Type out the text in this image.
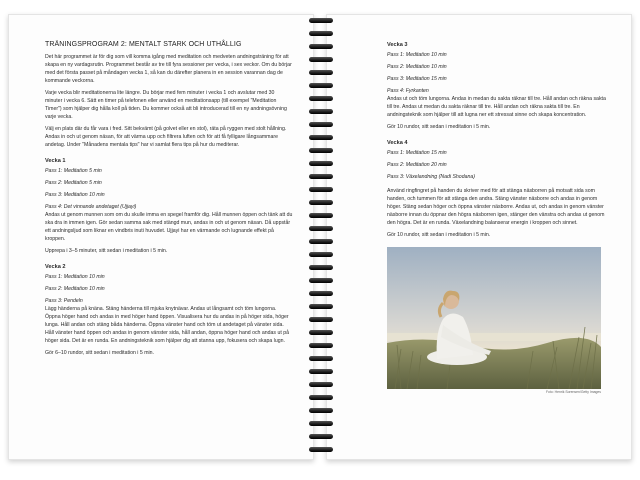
TRÄNINGSPROGRAM 2: MENTALT STARK OCH UTHÅLLIG

Det här programmet är för dig som vill komma igång med meditation och medveten andningsträning för att skapa en ny vardagsrutin. Programmet består av tre till fyra sessioner per vecka, i sex veckor. Om du börjar med det första passet på måndagen vecka 1, så kan du därefter planera in en session varannan dag de kommande veckorna.

Varje vecka blir meditationerna lite längre. Du börjar med fem minuter i vecka 1 och avslutar med 30 minuter i vecka 6. Sätt en timer på telefonen eller använd en meditationsapp (till exempel "Meditation Timer") som hjälper dig hålla koll på tiden. Du kommer också att bli introducerad till en ny andningsövning varje vecka.

Välj en plats där du får vara i fred. Sitt bekvämt (på golvet eller en stol), räta på ryggen med stolt hållning. Andas in och ut genom näsan, för att värma upp och filtrera luften och för att få fylligare långsammare andetag. Under "Månadens mentala tips" har vi samlat flera tips på hur du mediterar.

Vecka 1

Pass 1: Meditation 5 min

Pass 2: Meditation 5 min

Pass 3: Meditation 10 min

Pass 4: Det vinnande andetaget (Ujjayi)

Andas ut genom munnen som om du skulle imma en spegel framför dig. Håll munnen öppen och tänk att du ska dra in immen igen. Gör sedan samma sak med stängd mun, andas in och ut genom näsan. Då uppstår ett andningsljud som liknar en vindbris inuti huvudet. Ujjayi har en värmande och lugnande effekt på kroppen.

Upprepa i 3–5 minuter, sitt sedan i meditation i 5 min.

Vecka 2

Pass 1: Meditation 10 min

Pass 2: Meditation 10 min

Pass 3: Pendeln

Lägg händerna på knäna. Stäng händerna till mjuka knytnävar. Andas ut långsamt och töm lungorna. Öppna höger hand och andas in med höger hand öppen. Visualisera hur du andas in på höger sida, höger lunga. Håll andan och stäng båda händerna. Öppna vänster hand och töm ut andetaget på vänster sida. Håll vänster hand öppen och andas in genom vänster sida, håll andan, öppna höger hand och andas ut på höger sida. Det är en runda. En andningsteknik som hjälper dig att stanna upp, fokusera och skapa lugn.

Gör 6–10 rundor, sitt sedan i meditation i 5 min.

Vecka 3

Pass 1: Meditation 10 min

Pass 2: Meditation 10 min

Pass 3: Meditation 15 min

Pass 4: Fyrkanten

Andas ut och töm lungorna. Andas in medan du sakta räknar till tre. Håll andan och räkna sakta till tre. Andas ut medan du sakta räknar till tre. Håll andan och räkna sakta till tre. En andningsteknik som hjälper till att lugna ner ett stressat sinne och skapa koncentration.

Gör 10 rundor, sitt sedan i meditation i 5 min.

Vecka 4

Pass 1: Meditation 15 min

Pass 2: Meditation 20 min

Pass 3: Växelandning (Nadi Shodana)

Använd ringfingret på handen du skriver med för att stänga näsborren på motsatt sida som handen, och tummen för att stänga den andra. Stäng vänster näsborre och andas in genom höger. Stäng sedan höger och öppna vänster näsborre. Andas ut, och andas in genom vänster näsborre innan du öppnar den högra näsborren igen, stänger den vänstra och andas ut genom den högra. Det är en runda. Växelandning balanserar energin i kroppen och sinnet.

Gör 10 rundor, sitt sedan i meditation i 5 min.

Foto: Henrik Sorensen/Getty Images
